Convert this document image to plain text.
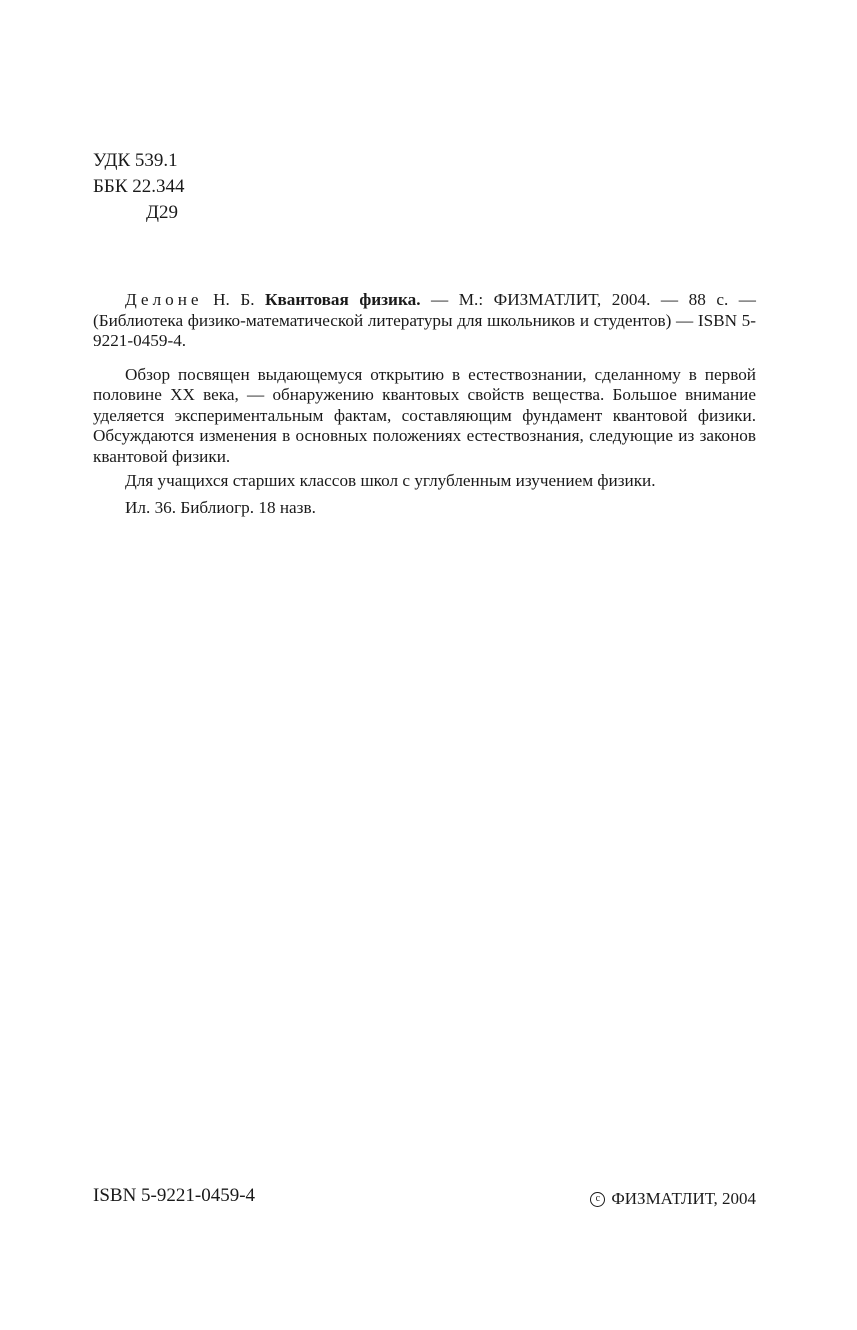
УДК 539.1
ББК 22.344
Д29

Делоне Н. Б. Квантовая физика. — М.: ФИЗМАТЛИТ, 2004. — 88 с. — (Библиотека физико-математической литературы для школьников и студентов) — ISBN 5-9221-0459-4.

Обзор посвящен выдающемуся открытию в естествознании, сделанному в первой половине XX века, — обнаружению квантовых свойств вещества. Большое внимание уделяется экспериментальным фактам, составляющим фундамент квантовой физики. Обсуждаются изменения в основных положениях естествознания, следующие из законов квантовой физики.

Для учащихся старших классов школ с углубленным изучением физики.

Ил. 36. Библиогр. 18 назв.

ISBN 5-9221-0459-4	c ФИЗМАТЛИТ, 2004
